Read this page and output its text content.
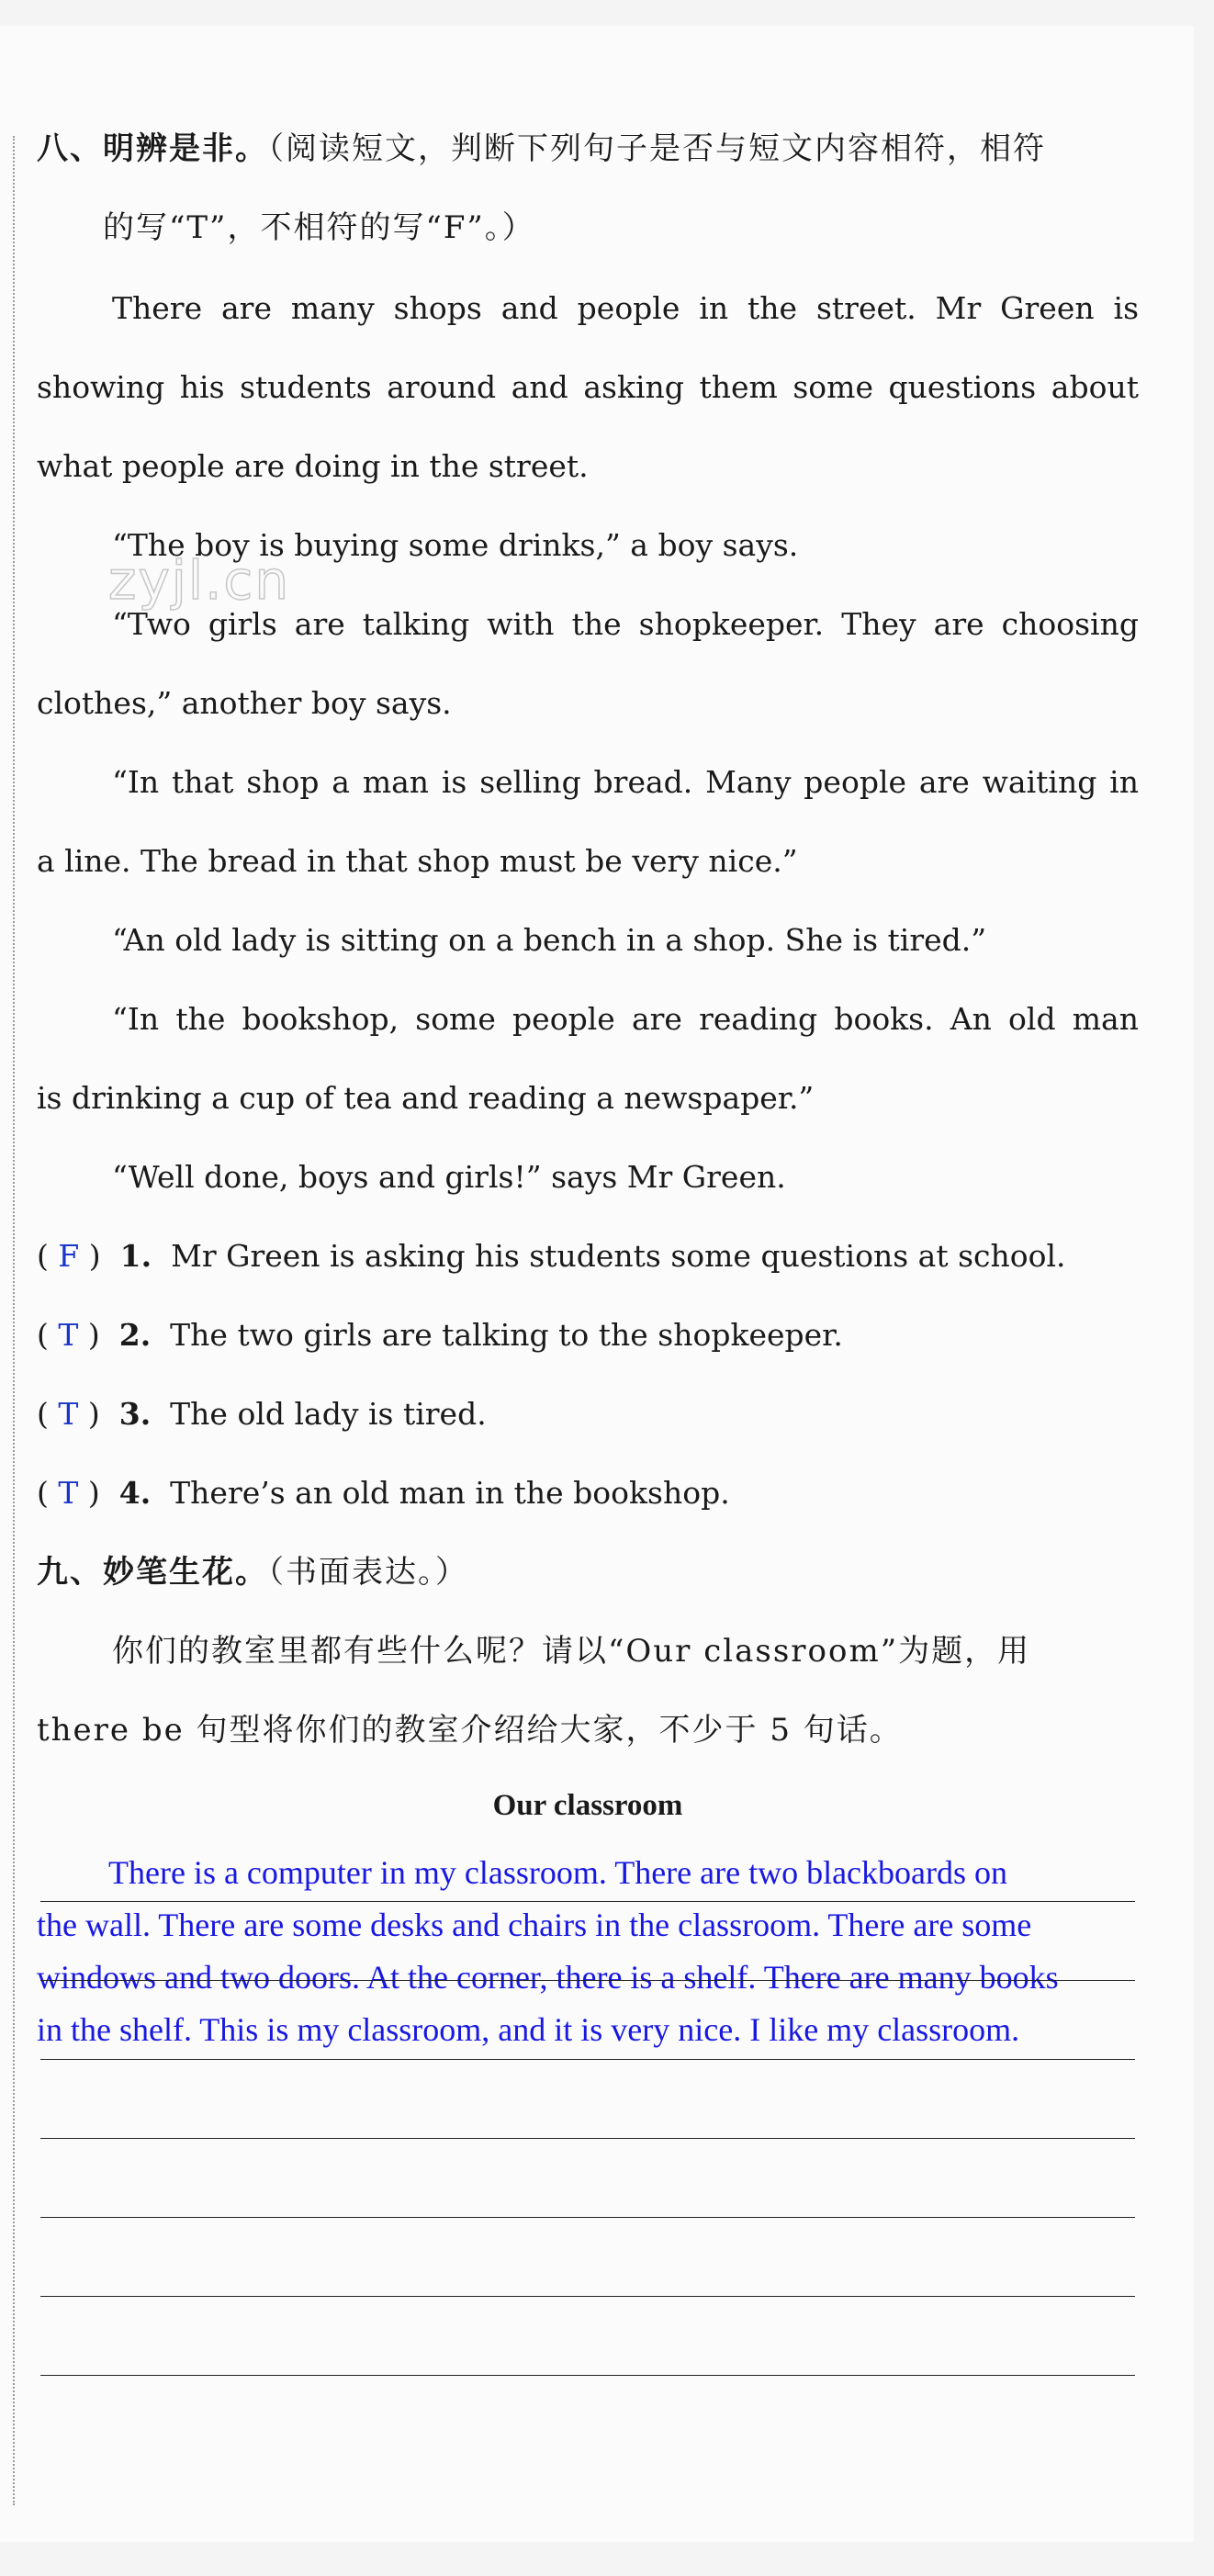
zyjl.cn
八、明辨是非。（阅读短文，判断下列句子是否与短文内容相符，相符
的写“T”，不相符的写“F”。）
There are many shops and people in the street. Mr Green is
showing his students around and asking them some questions about
what people are doing in the street.
“The boy is buying some drinks,” a boy says.
“Two girls are talking with the shopkeeper. They are choosing
clothes,” another boy says.
“In that shop a man is selling bread. Many people are waiting in
a line. The bread in that shop must be very nice.”
“An old lady is sitting on a bench in a shop. She is tired.”
“In the bookshop, some people are reading books. An old man
is drinking a cup of tea and reading a newspaper.”
“Well done, boys and girls!” says Mr Green.
( F )  1. Mr Green is asking his students some questions at school.
( T )  2. The two girls are talking to the shopkeeper.
( T )  3. The old lady is tired.
( T )  4. There’s an old man in the bookshop.
九、妙笔生花。（书面表达。）
你们的教室里都有些什么呢？请以“Our classroom”为题，用
there be 句型将你们的教室介绍给大家，不少于 5 句话。
Our classroom
There is a computer in my classroom. There are two blackboards on
the wall. There are some desks and chairs in the classroom. There are some
windows and two doors. At the corner, there is a shelf. There are many books
in the shelf. This is my classroom, and it is very nice. I like my classroom.
